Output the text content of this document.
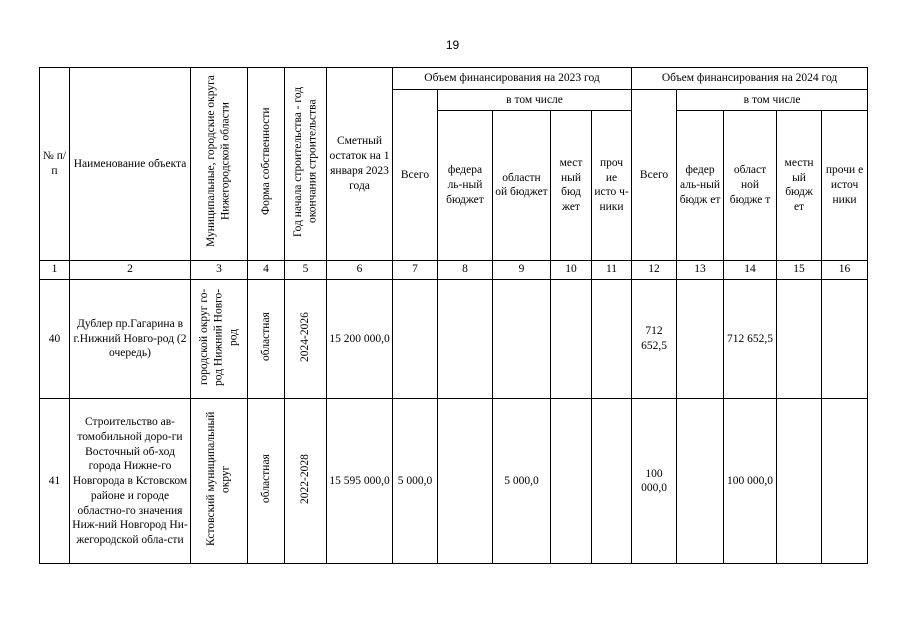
19
№ п/п	Наименование объекта	Муниципальные, городские округа Нижегородской области	Форма собственности	Год начала строительства - год окончания строительства	Сметный остаток на 1 января 2023 года	Объем финансирования на 2023 год					Объем финансирования на 2024 год				
						Всего	в том числе				Всего	в том числе			
							федера ль-ный бюджет	областн ой бюджет	мест ный бюд жет	проч ие исто ч-ники		федер аль-ный бюдж ет	област ной бюдже т	местн ый бюдж ет	прочи е источ ники
1	2	3	4	5	6	7	8	9	10	11	12	13	14	15	16
40	Дублер пр.Гагарина в г.Нижний Новго-род (2 очередь)	городской округ го-род Нижний Новго-род	областная	2024-2026	15 200 000,0						712 652,5		712 652,5		
41	Строительство ав-томобильной доро-ги Восточный об-ход города Нижне-го Новгорода в Кстовском районе и городе областно-го значения Ниж-ний Новгород Ни-жегородской обла-сти	Кстовский муниципальный округ	областная	2022-2028	15 595 000,0	5 000,0		5 000,0			100 000,0		100 000,0		
